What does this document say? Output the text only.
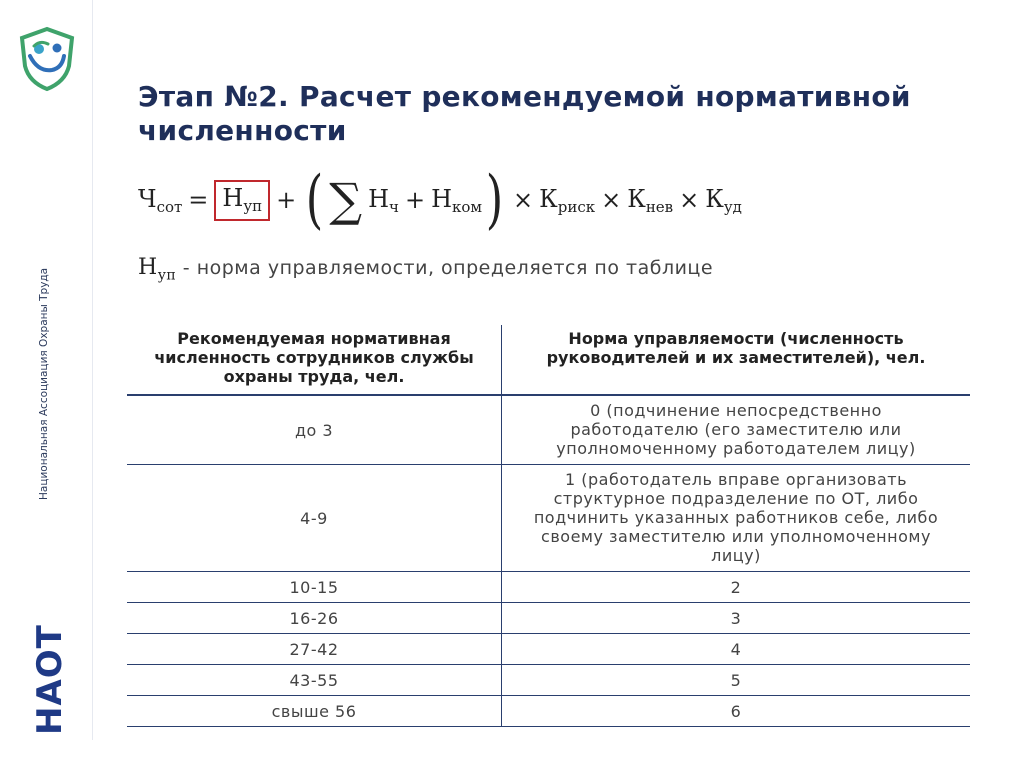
Национальная Ассоциация Охраны Труда
НАОТ
Этап №2. Расчет рекомендуемой нормативной численности
$Ч_{сот} = Н_{уп}$ + ( ∑ $Н_ч + Н_{ком}$ ) × $К_{риск} \times К_{нев} \times К_{уд}$
$Н_{уп}$ - норма управляемости, определяется по таблице
Рекомендуемая нормативная численность сотрудников службы охраны труда, чел.	Норма управляемости (численность руководителей и их заместителей), чел.
до 3	0 (подчинение непосредственно работодателю (его заместителю или уполномоченному работодателем лицу)
4-9	1 (работодатель вправе организовать структурное подразделение по ОТ, либо подчинить указанных работников себе, либо своему заместителю или уполномоченному лицу)
10-15	2
16-26	3
27-42	4
43-55	5
свыше 56	6
